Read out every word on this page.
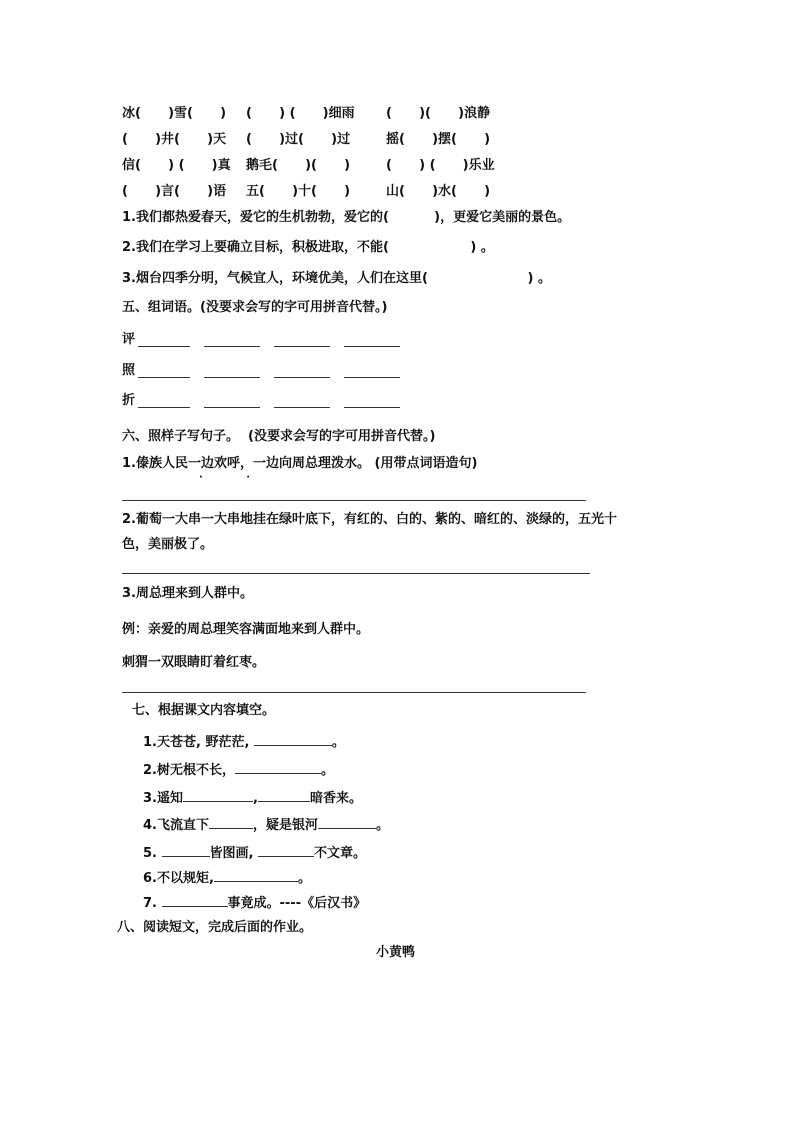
冰(      )雪(      ) (      ) (      )细雨 (      )(      )浪静
(      )井(      )天 (      )过(      )过	摇(      )摆(      )
信(      ) (      )真 鹅毛(      )(      )	(      ) (      )乐业
(      )言(      )语 五(      )十(      )	山(      )水(      )
1.我们都热爱春天，爱它的生机勃勃，爱它的(          )，更爱它美丽的景色。
2.我们在学习上要确立目标，积极进取，不能(                  ) 。
3.烟台四季分明，气候宜人，环境优美，人们在这里(                      ) 。
五、组词语。(没要求会写的字可用拼音代替。)
评
照
折
六、照样子写句子。  (没要求会写的字可用拼音代替。)
1.傣族人民一边欢呼，一边向周总理泼水。 (用带点词语造句)
· ·
2.葡萄一大串一大串地挂在绿叶底下，有红的、白的、紫的、暗红的、淡绿的，五光十
色，美丽极了。
3.周总理来到人群中。
例：亲爱的周总理笑容满面地来到人群中。
刺猬一双眼睛盯着红枣。
七、根据课文内容填空。
1.天苍苍, 野茫茫,	。
2.树无根不长，	。
3.遥知	,	暗香来。
4.飞流直下	，疑是银河	。
5.	皆图画,	不文章。
6.不以规矩,	。
7.	事竟成。----《后汉书》
八、阅读短文，完成后面的作业。
小黄鸭
